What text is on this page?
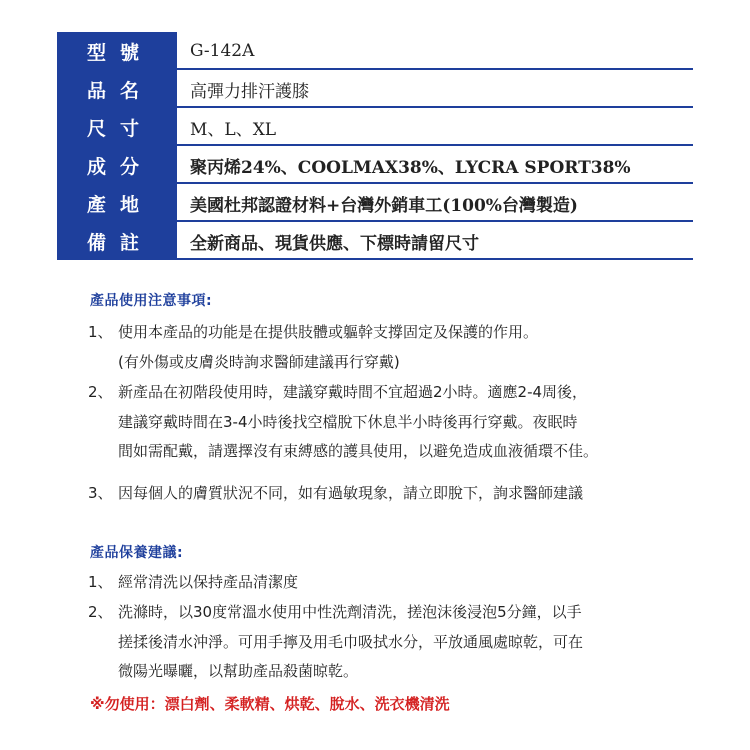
型號	G-142A
品名	高彈力排汗護膝
尺寸	M、L、XL
成分	聚丙烯24%、COOLMAX38%、LYCRA SPORT38%
產地	美國杜邦認證材料+台灣外銷車工(100%台灣製造)
備註	全新商品、現貨供應、下標時請留尺寸
產品使用注意事項:
1、 使用本產品的功能是在提供肢體或軀幹支撐固定及保護的作用。
(有外傷或皮膚炎時詢求醫師建議再行穿戴)
2、 新產品在初階段使用時，建議穿戴時間不宜超過2小時。適應2-4周後，
建議穿戴時間在3-4小時後找空檔脫下休息半小時後再行穿戴。夜眠時
間如需配戴，請選擇沒有束縛感的護具使用，以避免造成血液循環不佳。
3、 因每個人的膚質狀況不同，如有過敏現象，請立即脫下，詢求醫師建議
產品保養建議:
1、 經常清洗以保持產品清潔度
2、 洗滌時，以30度常溫水使用中性洗劑清洗，搓泡沫後浸泡5分鐘，以手
搓揉後清水沖淨。可用手擰及用毛巾吸拭水分，平放通風處晾乾，可在
微陽光曝曬，以幫助產品殺菌晾乾。
※勿使用：漂白劑、柔軟精、烘乾、脫水、洗衣機清洗
